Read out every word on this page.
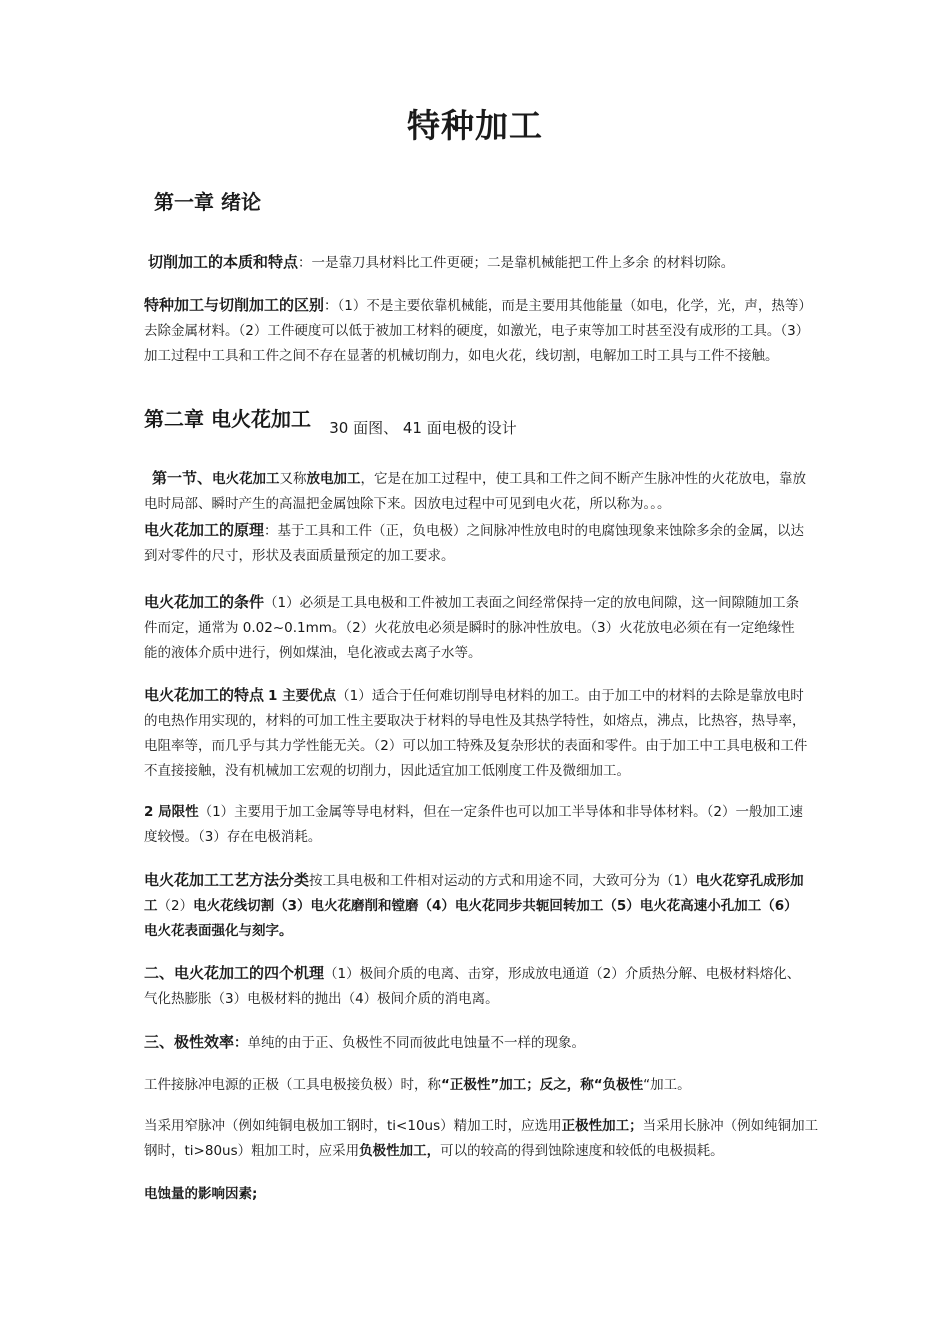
特种加工
第一章 绪论
切削加工的本质和特点：一是靠刀具材料比工件更硬；二是靠机械能把工件上多余 的材料切除。
特种加工与切削加工的区别：（1）不是主要依靠机械能，而是主要用其他能量（如电，化学，光，声，热等）去除金属材料。（2）工件硬度可以低于被加工材料的硬度，如激光，电子束等加工时甚至没有成形的工具。（3）加工过程中工具和工件之间不存在显著的机械切削力，如电火花，线切割，电解加工时工具与工件不接触。
第二章 电火花加工 30 面图、 41 面电极的设计
第一节、电火花加工又称放电加工，它是在加工过程中，使工具和工件之间不断产生脉冲性的火花放电，靠放电时局部、瞬时产生的高温把金属蚀除下来。因放电过程中可见到电火花，所以称为。。。
电火花加工的原理：基于工具和工件（正，负电极）之间脉冲性放电时的电腐蚀现象来蚀除多余的金属，以达到对零件的尺寸，形状及表面质量预定的加工要求。
电火花加工的条件（1）必须是工具电极和工件被加工表面之间经常保持一定的放电间隙，这一间隙随加工条件而定，通常为 0.02~0.1mm。（2）火花放电必须是瞬时的脉冲性放电。（3）火花放电必须在有一定绝缘性能的液体介质中进行，例如煤油，皂化液或去离子水等。
电火花加工的特点 1 主要优点（1）适合于任何难切削导电材料的加工。由于加工中的材料的去除是靠放电时的电热作用实现的，材料的可加工性主要取决于材料的导电性及其热学特性，如熔点，沸点，比热容，热导率，电阻率等，而几乎与其力学性能无关。（2）可以加工特殊及复杂形状的表面和零件。由于加工中工具电极和工件不直接接触，没有机械加工宏观的切削力，因此适宜加工低刚度工件及微细加工。
2 局限性（1）主要用于加工金属等导电材料，但在一定条件也可以加工半导体和非导体材料。（2）一般加工速度较慢。（3）存在电极消耗。
电火花加工工艺方法分类按工具电极和工件相对运动的方式和用途不同，大致可分为（1）电火花穿孔成形加工（2）电火花线切割（3）电火花磨削和镗磨（4）电火花同步共轭回转加工（5）电火花高速小孔加工（6）电火花表面强化与刻字。
二、电火花加工的四个机理（1）极间介质的电离、击穿，形成放电通道（2）介质热分解、电极材料熔化、气化热膨胀（3）电极材料的抛出（4）极间介质的消电离。
三、极性效率：单纯的由于正、负极性不同而彼此电蚀量不一样的现象。
工件接脉冲电源的正极（工具电极接负极）时，称“正极性”加工；反之，称“负极性“加工。
当采用窄脉冲（例如纯铜电极加工钢时，ti<10us）精加工时，应选用正极性加工；当采用长脉冲（例如纯铜加工钢时，ti>80us）粗加工时，应采用负极性加工，可以的较高的得到蚀除速度和较低的电极损耗。
电蚀量的影响因素;
